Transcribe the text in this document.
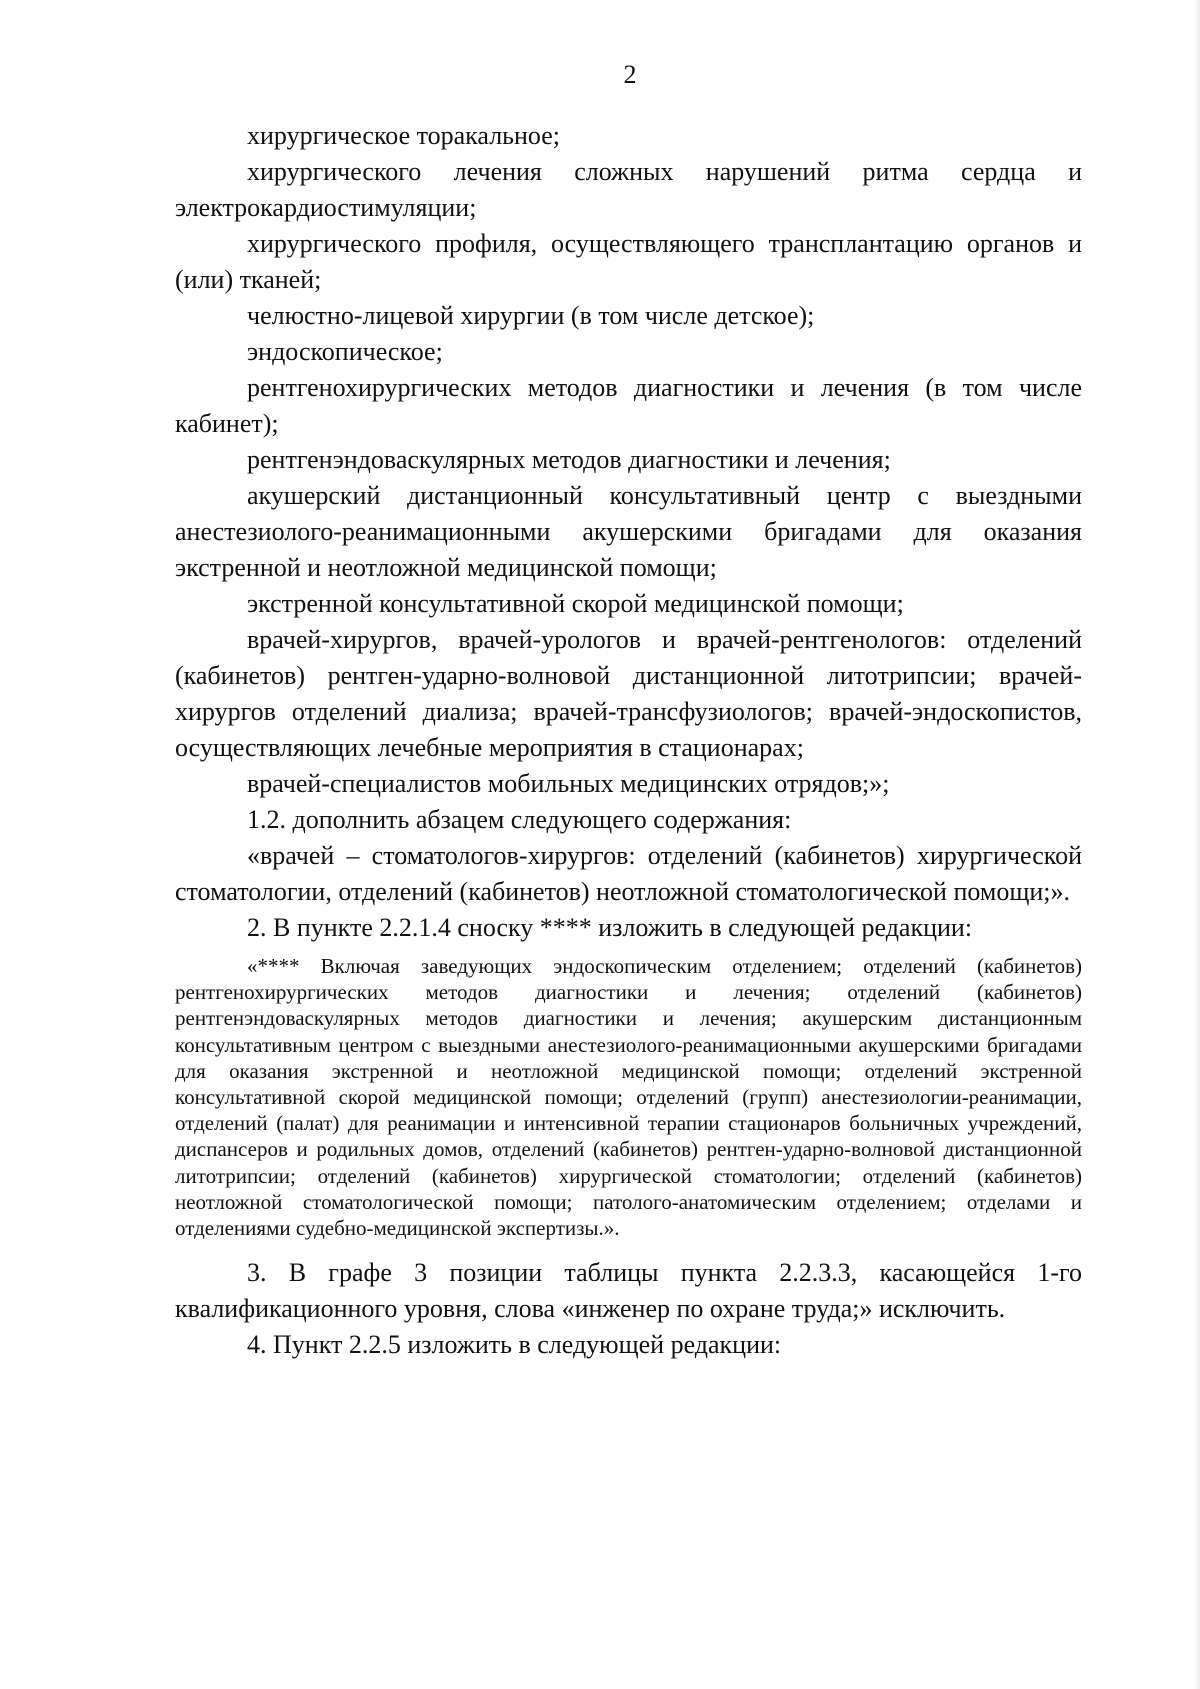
2

хирургическое торакальное;

хирургического лечения сложных нарушений ритма сердца и электрокардиостимуляции;

хирургического профиля, осуществляющего трансплантацию органов и (или) тканей;

челюстно-лицевой хирургии (в том числе детское);

эндоскопическое;

рентгенохирургических методов диагностики и лечения (в том числе кабинет);

рентгенэндоваскулярных методов диагностики и лечения;

акушерский дистанционный консультативный центр с выездными анестезиолого-реанимационными акушерскими бригадами для оказания экстренной и неотложной медицинской помощи;

экстренной консультативной скорой медицинской помощи;

врачей-хирургов, врачей-урологов и врачей-рентгенологов: отделений (кабинетов) рентген-ударно-волновой дистанционной литотрипсии; врачей-хирургов отделений диализа; врачей-трансфузиологов; врачей-эндоскопистов, осуществляющих лечебные мероприятия в стационарах;

врачей-специалистов мобильных медицинских отрядов;»;

1.2. дополнить абзацем следующего содержания:

«врачей – стоматологов-хирургов: отделений (кабинетов) хирургической стоматологии, отделений (кабинетов) неотложной стоматологической помощи;».

2. В пункте 2.2.1.4 сноску **** изложить в следующей редакции:

«**** Включая заведующих эндоскопическим отделением; отделений (кабинетов) рентгенохирургических методов диагностики и лечения; отделений (кабинетов) рентгенэндоваскулярных методов диагностики и лечения; акушерским дистанционным консультативным центром с выездными анестезиолого-реанимационными акушерскими бригадами для оказания экстренной и неотложной медицинской помощи; отделений экстренной консультативной скорой медицинской помощи; отделений (групп) анестезиологии-реанимации, отделений (палат) для реанимации и интенсивной терапии стационаров больничных учреждений, диспансеров и родильных домов, отделений (кабинетов) рентген-ударно-волновой дистанционной литотрипсии; отделений (кабинетов) хирургической стоматологии; отделений (кабинетов) неотложной стоматологической помощи; патолого-анатомическим отделением; отделами и отделениями судебно-медицинской экспертизы.».

3. В графе 3 позиции таблицы пункта 2.2.3.3, касающейся 1-го квалификационного уровня, слова «инженер по охране труда;» исключить.

4. Пункт 2.2.5 изложить в следующей редакции:
